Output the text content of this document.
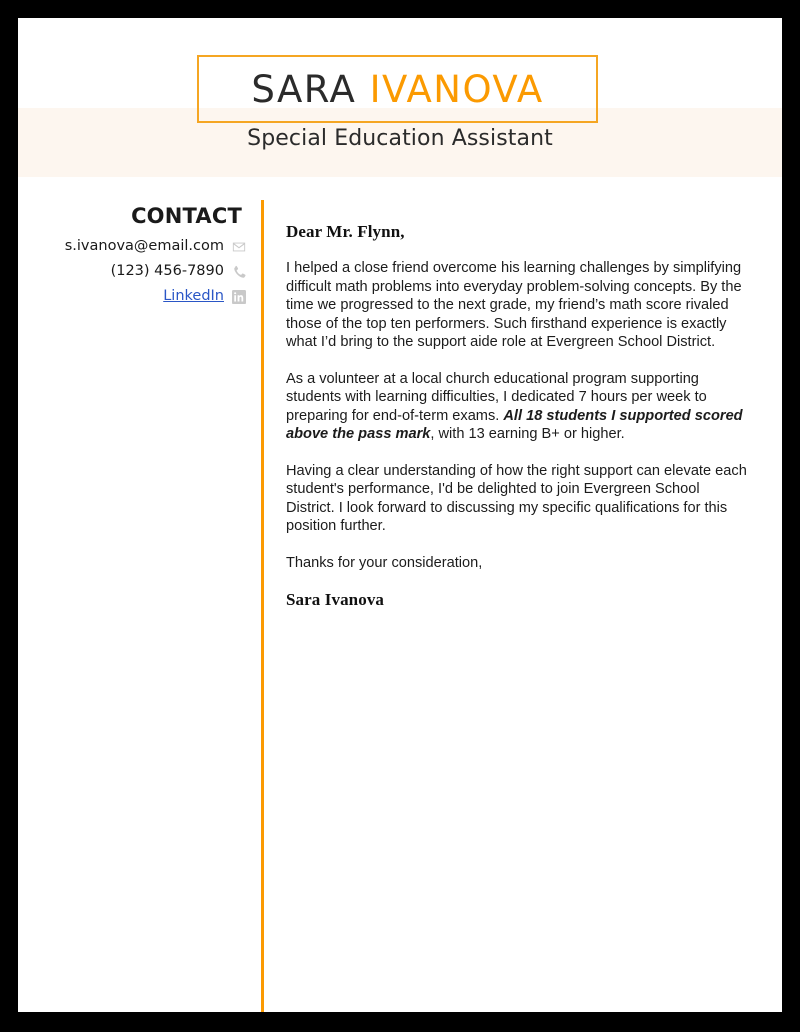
SARA IVANOVA
Special Education Assistant
CONTACT
s.ivanova@email.com
(123) 456-7890
LinkedIn

Dear Mr. Flynn,

I helped a close friend overcome his learning challenges by simplifying difficult math problems into everyday problem-solving concepts. By the time we progressed to the next grade, my friend’s math score rivaled those of the top ten performers. Such firsthand experience is exactly what I’d bring to the support aide role at Evergreen School District.

As a volunteer at a local church educational program supporting students with learning difficulties, I dedicated 7 hours per week to preparing for end-of-term exams. All 18 students I supported scored above the pass mark, with 13 earning B+ or higher.

Having a clear understanding of how the right support can elevate each student's performance, I'd be delighted to join Evergreen School District. I look forward to discussing my specific qualifications for this position further.

Thanks for your consideration,

Sara Ivanova
